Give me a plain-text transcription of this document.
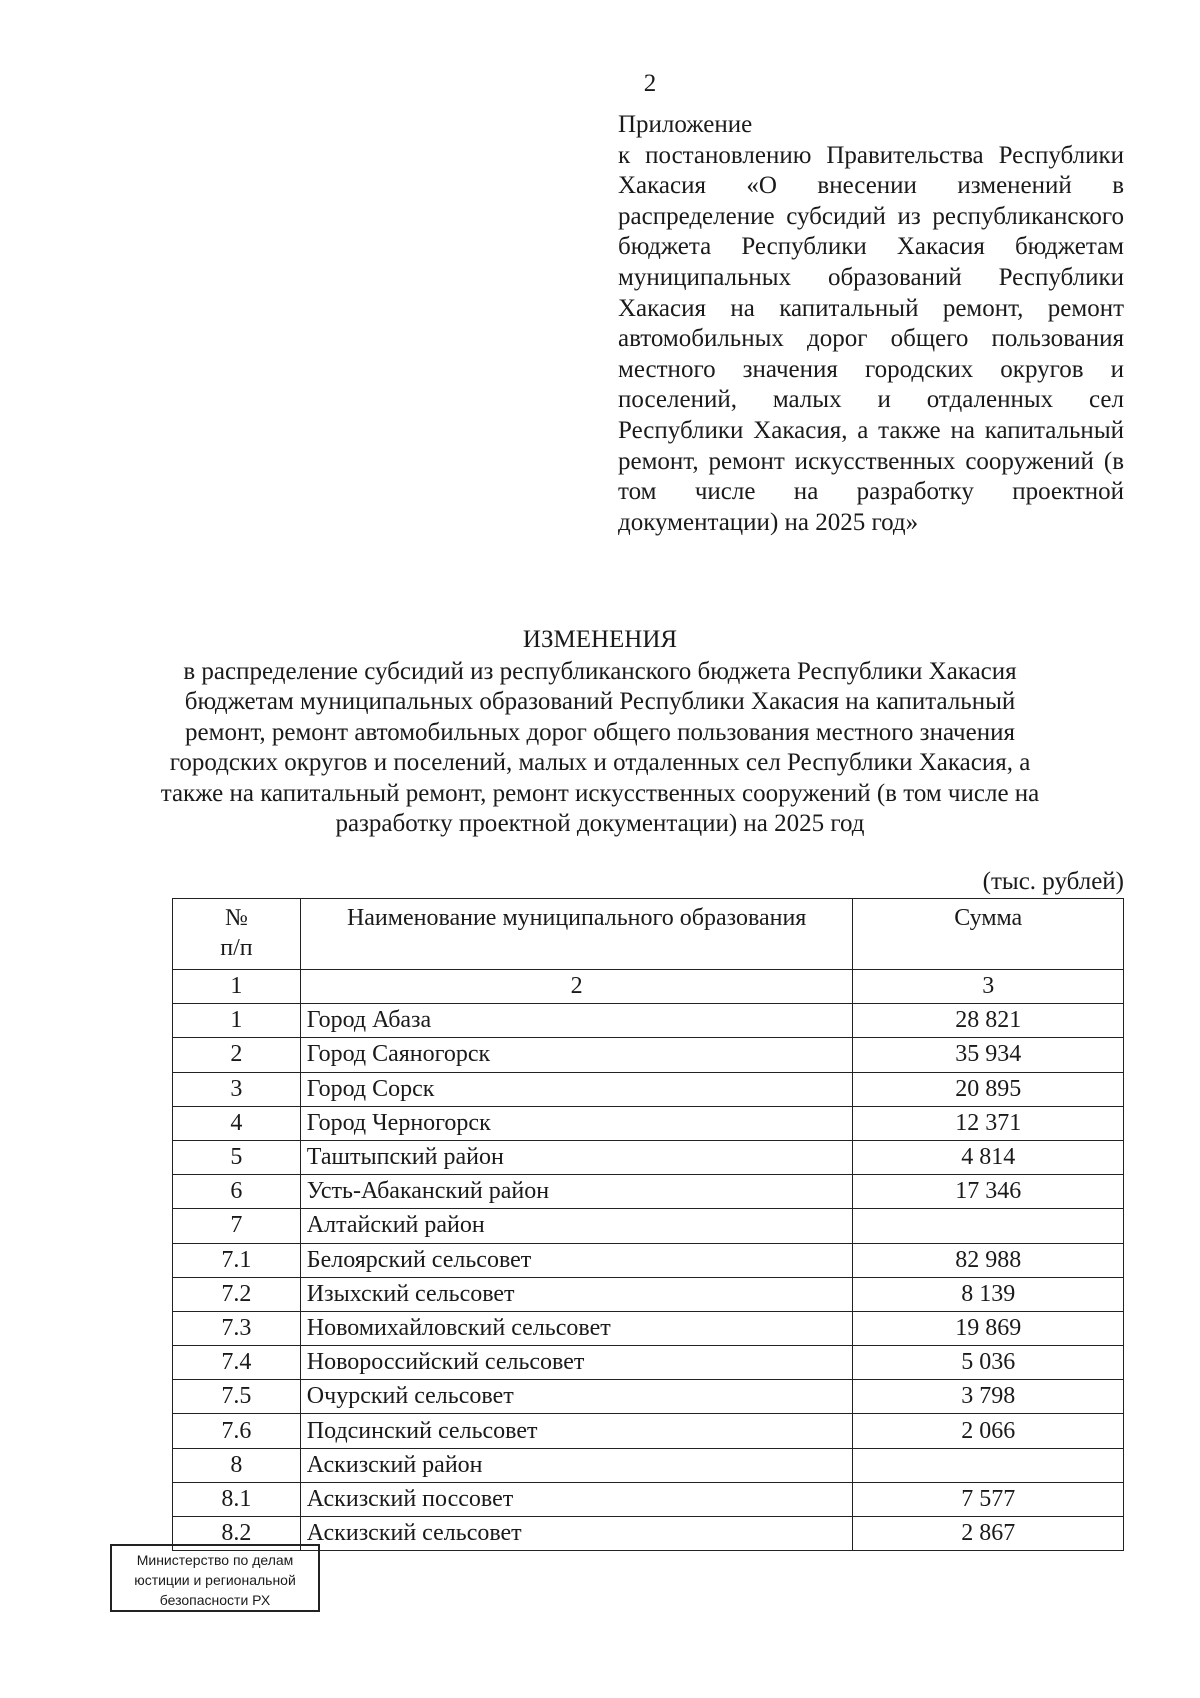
2
Приложение
к постановлению Правительства Республики Хакасия «О внесении изменений в распределение субсидий из республиканского бюджета Республики Хакасия бюджетам муниципальных образований Республики Хакасия на капитальный ремонт, ремонт автомобильных дорог общего пользования местного значения городских округов и поселений, малых и отдаленных сел Республики Хакасия, а также на капитальный ремонт, ремонт искусственных сооружений (в том числе на разработку проектной документации) на 2025 год»
ИЗМЕНЕНИЯ
в распределение субсидий из республиканского бюджета Республики Хакасия бюджетам муниципальных образований Республики Хакасия на капитальный ремонт, ремонт автомобильных дорог общего пользования местного значения городских округов и поселений, малых и отдаленных сел Республики Хакасия, а также на капитальный ремонт, ремонт искусственных сооружений (в том числе на разработку проектной документации) на 2025 год
(тыс. рублей)
№
п/п	Наименование муниципального образования	Сумма
1	2	3
1	Город Абаза	28 821
2	Город Саяногорск	35 934
3	Город Сорск	20 895
4	Город Черногорск	12 371
5	Таштыпский район	4 814
6	Усть-Абаканский район	17 346
7	Алтайский район	
7.1	Белоярский сельсовет	82 988
7.2	Изыхский сельсовет	8 139
7.3	Новомихайловский сельсовет	19 869
7.4	Новороссийский сельсовет	5 036
7.5	Очурский сельсовет	3 798
7.6	Подсинский сельсовет	2 066
8	Аскизский район	
8.1	Аскизский поссовет	7 577
8.2	Аскизский сельсовет	2 867
Министерство по делам
юстиции и региональной
безопасности РХ
